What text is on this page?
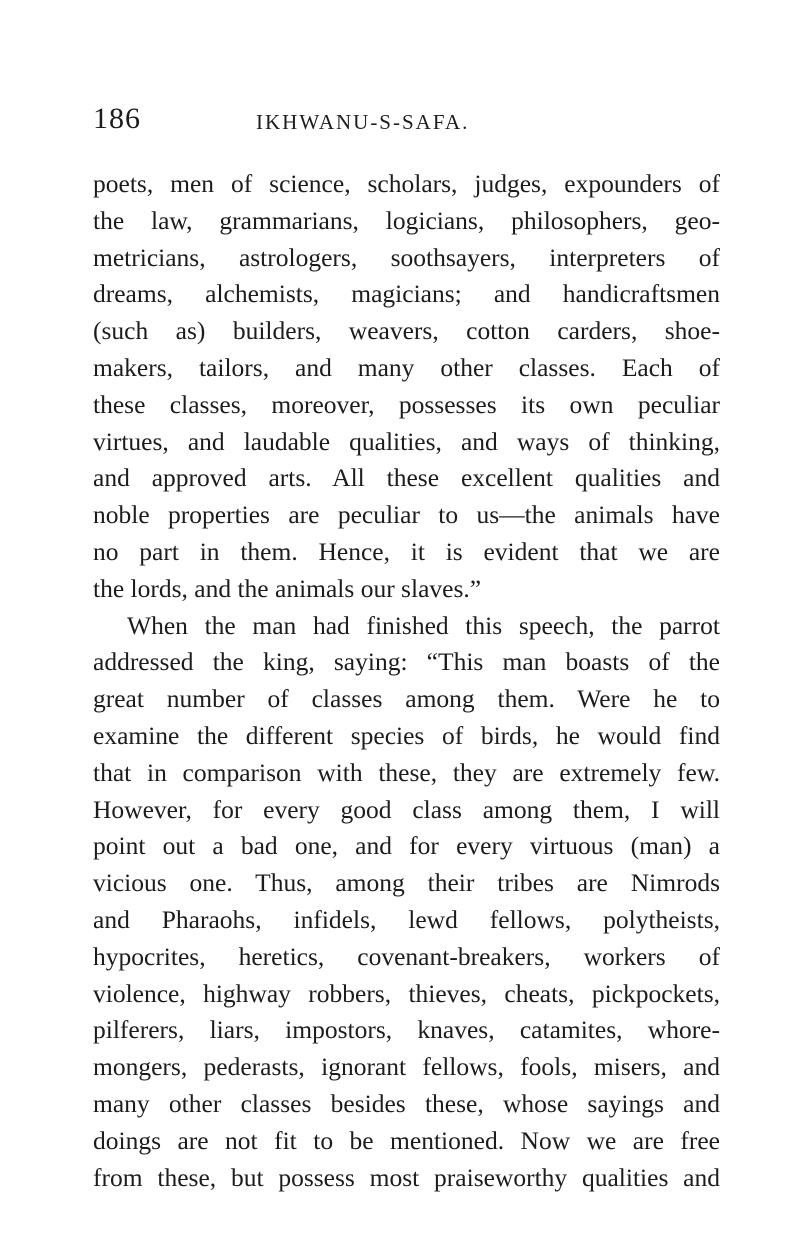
186	IKHWANU-S-SAFA.
poets, men of science, scholars, judges, expounders of
the law, grammarians, logicians, philosophers, geo-
metricians, astrologers, soothsayers, interpreters of
dreams, alchemists, magicians; and handicraftsmen
(such as) builders, weavers, cotton carders, shoe-
makers, tailors, and many other classes. Each of
these classes, moreover, possesses its own peculiar
virtues, and laudable qualities, and ways of thinking,
and approved arts. All these excellent qualities and
noble properties are peculiar to us—the animals have
no part in them. Hence, it is evident that we are
the lords, and the animals our slaves.”
When the man had finished this speech, the parrot
addressed the king, saying: “This man boasts of the
great number of classes among them. Were he to
examine the different species of birds, he would find
that in comparison with these, they are extremely few.
However, for every good class among them, I will
point out a bad one, and for every virtuous (man) a
vicious one. Thus, among their tribes are Nimrods
and Pharaohs, infidels, lewd fellows, polytheists,
hypocrites, heretics, covenant-breakers, workers of
violence, highway robbers, thieves, cheats, pickpockets,
pilferers, liars, impostors, knaves, catamites, whore-
mongers, pederasts, ignorant fellows, fools, misers, and
many other classes besides these, whose sayings and
doings are not fit to be mentioned. Now we are free
from these, but possess most praiseworthy qualities and
